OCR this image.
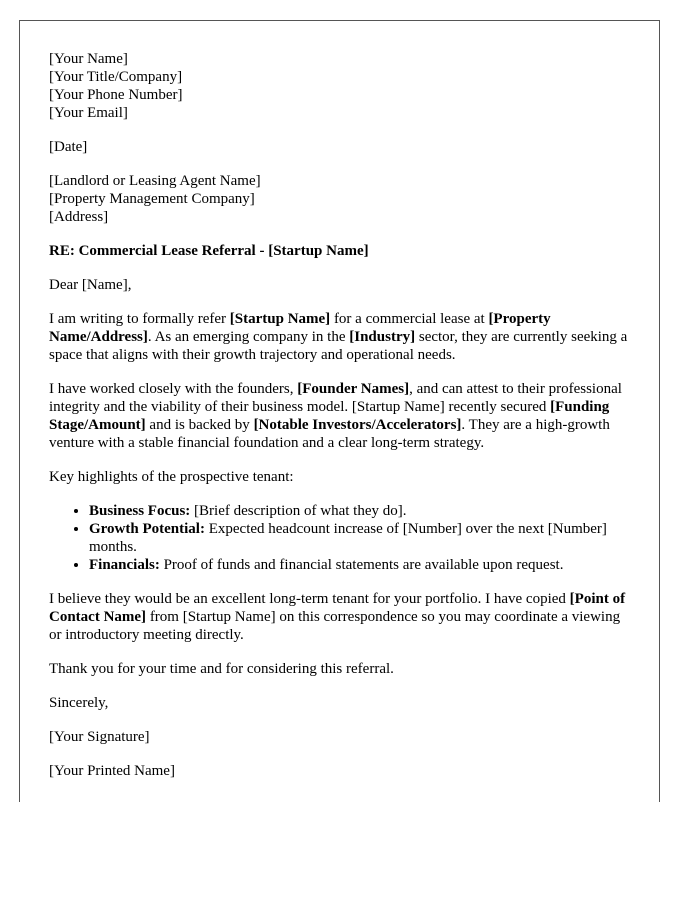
[Your Name]
[Your Title/Company]
[Your Phone Number]
[Your Email]
[Date]
[Landlord or Leasing Agent Name]
[Property Management Company]
[Address]
RE: Commercial Lease Referral - [Startup Name]

Dear [Name],

I am writing to formally refer [Startup Name] for a commercial lease at [Property Name/Address]. As an emerging company in the [Industry] sector, they are currently seeking a space that aligns with their growth trajectory and operational needs.

I have worked closely with the founders, [Founder Names], and can attest to their professional integrity and the viability of their business model. [Startup Name] recently secured [Funding Stage/Amount] and is backed by [Notable Investors/Accelerators]. They are a high-growth venture with a stable financial foundation and a clear long-term strategy.

Key highlights of the prospective tenant:

• Business Focus: [Brief description of what they do].
• Growth Potential: Expected headcount increase of [Number] over the next [Number] months.
• Financials: Proof of funds and financial statements are available upon request.

I believe they would be an excellent long-term tenant for your portfolio. I have copied [Point of Contact Name] from [Startup Name] on this correspondence so you may coordinate a viewing or introductory meeting directly.

Thank you for your time and for considering this referral.

Sincerely,

[Your Signature]

[Your Printed Name]
